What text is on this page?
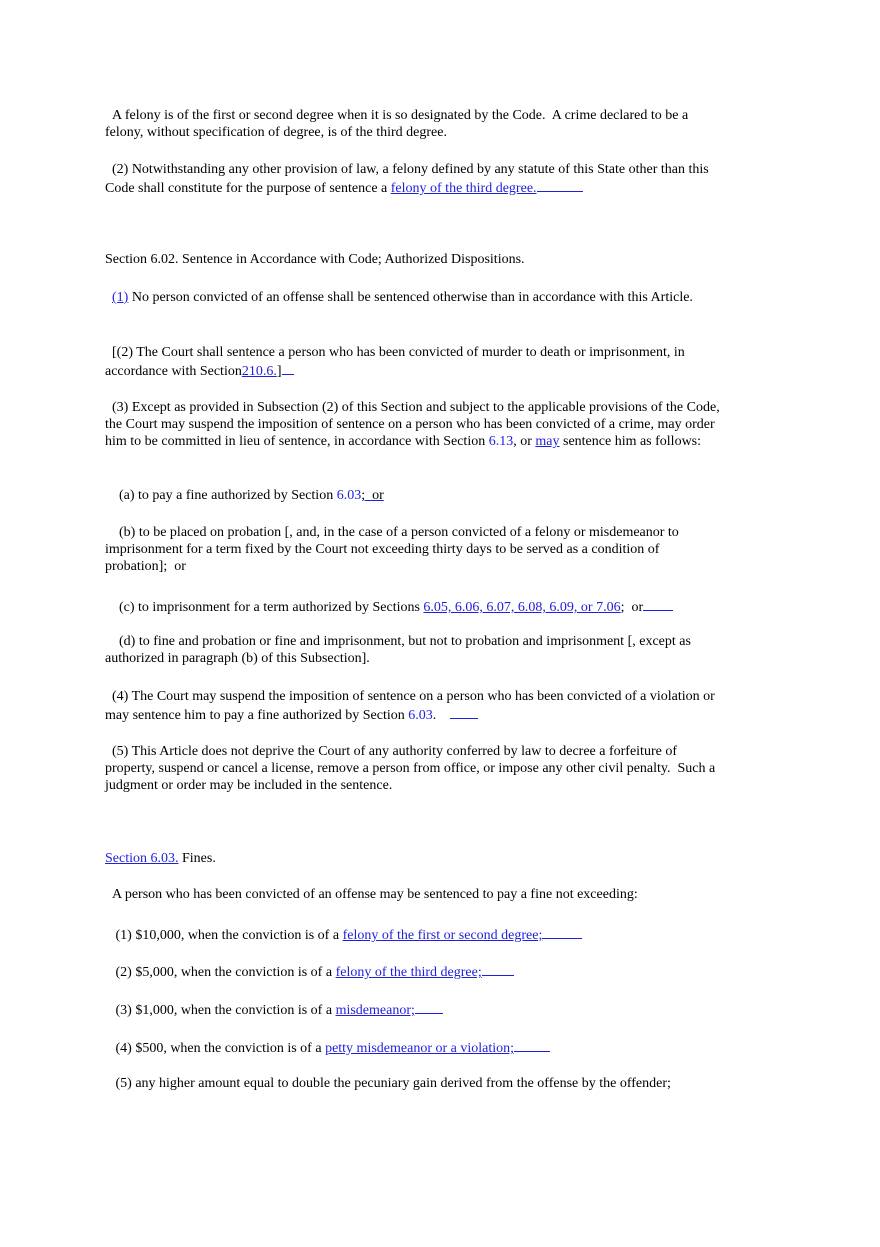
A felony is of the first or second degree when it is so designated by the Code.  A crime declared to be a felony, without specification of degree, is of the third degree.

(2) Notwithstanding any other provision of law, a felony defined by any statute of this State other than this Code shall constitute for the purpose of sentence a felony of the third degree.

Section 6.02. Sentence in Accordance with Code; Authorized Dispositions.

(1) No person convicted of an offense shall be sentenced otherwise than in accordance with this Article.

[(2) The Court shall sentence a person who has been convicted of murder to death or imprisonment, in accordance with Section210.6.]

(3) Except as provided in Subsection (2) of this Section and subject to the applicable provisions of the Code, the Court may suspend the imposition of sentence on a person who has been convicted of a crime, may order him to be committed in lieu of sentence, in accordance with Section 6.13, or may sentence him as follows:

(a) to pay a fine authorized by Section 6.03;  or

(b) to be placed on probation [, and, in the case of a person convicted of a felony or misdemeanor to imprisonment for a term fixed by the Court not exceeding thirty days to be served as a condition of probation];  or

(c) to imprisonment for a term authorized by Sections 6.05, 6.06, 6.07, 6.08, 6.09, or 7.06;  or

(d) to fine and probation or fine and imprisonment, but not to probation and imprisonment [, except as authorized in paragraph (b) of this Subsection].

(4) The Court may suspend the imposition of sentence on a person who has been convicted of a violation or may sentence him to pay a fine authorized by Section 6.03.

(5) This Article does not deprive the Court of any authority conferred by law to decree a forfeiture of property, suspend or cancel a license, remove a person from office, or impose any other civil penalty.  Such a judgment or order may be included in the sentence.

Section 6.03. Fines.

A person who has been convicted of an offense may be sentenced to pay a fine not exceeding:

(1) $10,000, when the conviction is of a felony of the first or second degree;

(2) $5,000, when the conviction is of a felony of the third degree;

(3) $1,000, when the conviction is of a misdemeanor;

(4) $500, when the conviction is of a petty misdemeanor or a violation;

(5) any higher amount equal to double the pecuniary gain derived from the offense by the offender;
